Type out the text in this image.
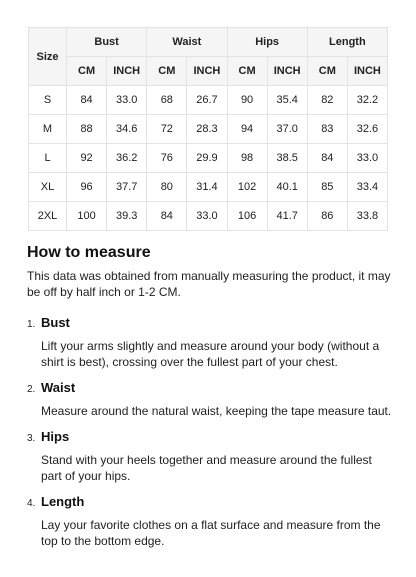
Size	Bust		Waist		Hips		Length	
	CM	INCH	CM	INCH	CM	INCH	CM	INCH
S	84	33.0	68	26.7	90	35.4	82	32.2
M	88	34.6	72	28.3	94	37.0	83	32.6
L	92	36.2	76	29.9	98	38.5	84	33.0
XL	96	37.7	80	31.4	102	40.1	85	33.4
2XL	100	39.3	84	33.0	106	41.7	86	33.8
How to measure

This data was obtained from manually measuring the product, it may be off by half inch or 1-2 CM.

1. Bust

Lift your arms slightly and measure around your body (without a shirt is best), crossing over the fullest part of your chest.

2. Waist

Measure around the natural waist, keeping the tape measure taut.

3. Hips

Stand with your heels together and measure around the fullest part of your hips.

4. Length

Lay your favorite clothes on a flat surface and measure from the top to the bottom edge.
